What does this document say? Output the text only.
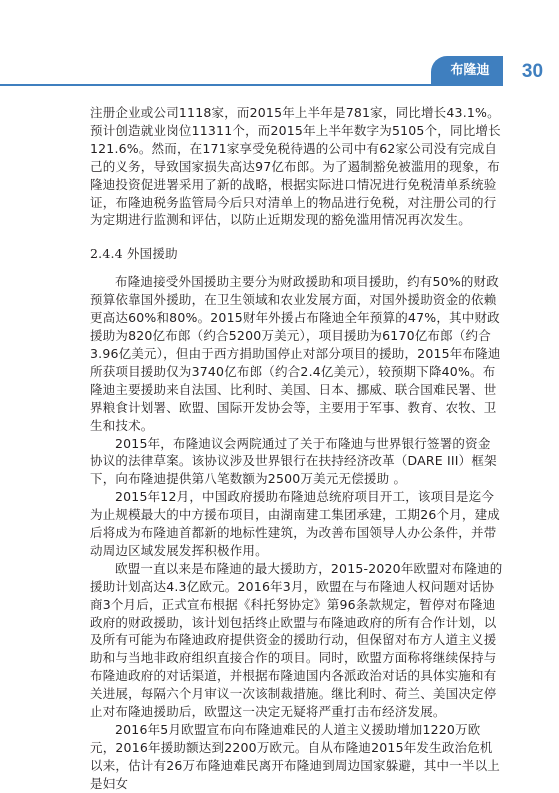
布隆迪	30

注册企业或公司1118家，而2015年上半年是781家，同比增长43.1%。预计创造就业岗位11311个，而2015年上半年数字为5105个，同比增长121.6%。然而，在171家享受免税待遇的公司中有62家公司没有完成自己的义务，导致国家损失高达97亿布郎。为了遏制豁免被滥用的现象，布隆迪投资促进署采用了新的战略，根据实际进口情况进行免税清单系统验证，布隆迪税务监管局今后只对清单上的物品进行免税，对注册公司的行为定期进行监测和评估，以防止近期发现的豁免滥用情况再次发生。

2.4.4 外国援助

布隆迪接受外国援助主要分为财政援助和项目援助，约有50%的财政预算依靠国外援助，在卫生领域和农业发展方面，对国外援助资金的依赖更高达60%和80%。2015财年外援占布隆迪全年预算的47%，其中财政援助为820亿布郎（约合5200万美元），项目援助为6170亿布郎（约合3.96亿美元），但由于西方捐助国停止对部分项目的援助，2015年布隆迪所获项目援助仅为3740亿布郎（约合2.4亿美元），较预期下降40%。布隆迪主要援助来自法国、比利时、美国、日本、挪威、联合国难民署、世界粮食计划署、欧盟、国际开发协会等，主要用于军事、教育、农牧、卫生和技术。

2015年，布隆迪议会两院通过了关于布隆迪与世界银行签署的资金协议的法律草案。该协议涉及世界银行在扶持经济改革（DARE III）框架下，向布隆迪提供第八笔数额为2500万美元无偿援助 。

2015年12月，中国政府援助布隆迪总统府项目开工，该项目是迄今为止规模最大的中方援布项目，由湖南建工集团承建，工期26个月，建成后将成为布隆迪首都新的地标性建筑，为改善布国领导人办公条件，并带动周边区域发展发挥积极作用。

欧盟一直以来是布隆迪的最大援助方，2015-2020年欧盟对布隆迪的援助计划高达4.3亿欧元。2016年3月，欧盟在与布隆迪人权问题对话协商3个月后，正式宣布根据《科托努协定》第96条款规定，暂停对布隆迪政府的财政援助，该计划包括终止欧盟与布隆迪政府的所有合作计划，以及所有可能为布隆迪政府提供资金的援助行动，但保留对布方人道主义援助和与当地非政府组织直接合作的项目。同时，欧盟方面称将继续保持与布隆迪政府的对话渠道，并根据布隆迪国内各派政治对话的具体实施和有关进展，每隔六个月审议一次该制裁措施。继比利时、荷兰、美国决定停止对布隆迪援助后，欧盟这一决定无疑将严重打击布经济发展。

2016年5月欧盟宣布向布隆迪难民的人道主义援助增加1220万欧元，2016年援助额达到2200万欧元。自从布隆迪2015年发生政治危机以来，估计有26万布隆迪难民离开布隆迪到周边国家躲避，其中一半以上是妇女
